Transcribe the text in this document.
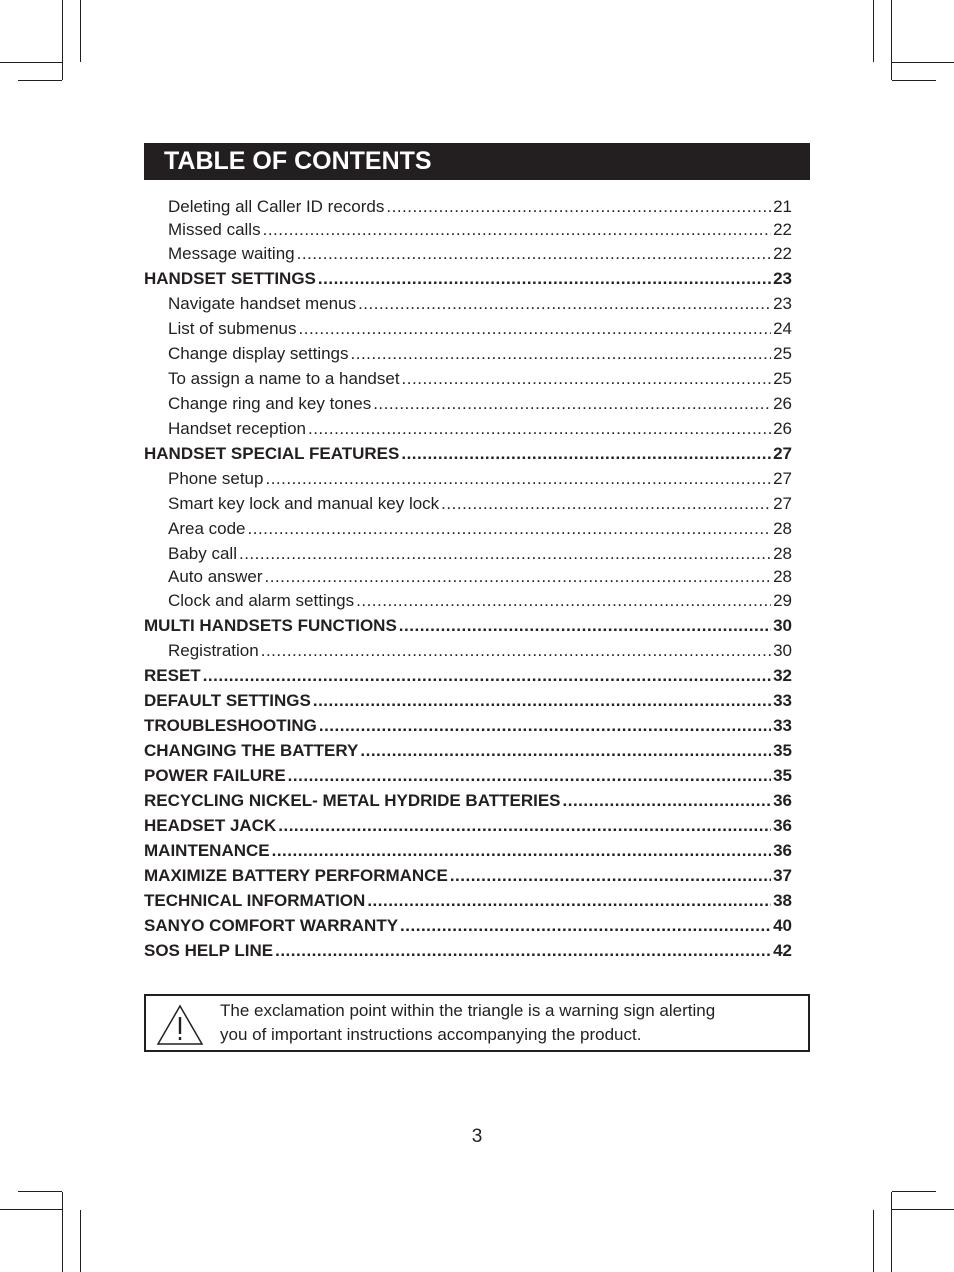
TABLE OF CONTENTS
Deleting all Caller ID records .....	21
Missed calls .....	22
Message waiting .....	22
HANDSET SETTINGS .....	23
Navigate handset menus .....	23
List of submenus .....	24
Change display settings .....	25
To assign a name to a handset .....	25
Change ring and key tones .....	26
Handset reception .....	26
HANDSET SPECIAL FEATURES .....	27
Phone setup .....	27
Smart key lock and manual key lock .....	27
Area code .....	28
Baby call .....	28
Auto answer .....	28
Clock and alarm settings .....	29
MULTI HANDSETS FUNCTIONS .....	30
Registration .....	30
RESET .....	32
DEFAULT SETTINGS .....	33
TROUBLESHOOTING .....	33
CHANGING THE BATTERY .....	35
POWER FAILURE .....	35
RECYCLING NICKEL- METAL HYDRIDE BATTERIES .....	36
HEADSET JACK .....	36
MAINTENANCE .....	36
MAXIMIZE BATTERY PERFORMANCE .....	37
TECHNICAL INFORMATION .....	38
SANYO COMFORT WARRANTY .....	40
SOS HELP LINE .....	42
The exclamation point within the triangle is a warning sign alerting
you of important instructions accompanying the product.
3
